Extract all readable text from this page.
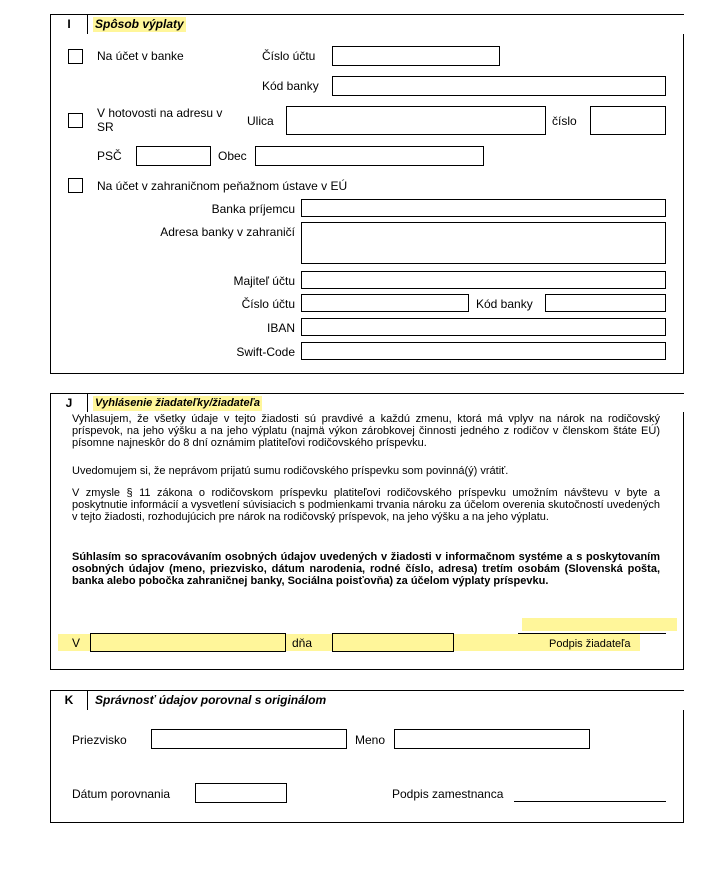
I	Spôsob výplaty
Na účet v banke	Číslo účtu
Kód banky
V hotovosti na adresu v
SR	Ulica	číslo
PSČ	Obec
Na účet v zahraničnom peňažnom ústave v EÚ
Banka príjemcu
Adresa banky v zahraničí
Majiteľ účtu
Číslo účtu	Kód banky
IBAN
Swift-Code
J	Vyhlásenie žiadateľky/žiadateľa
Vyhlasujem, že všetky údaje v tejto žiadosti sú pravdivé a každú zmenu, ktorá má vplyv na nárok na rodičovský príspevok, na jeho výšku a na jeho výplatu (najmä výkon zárobkovej činnosti jedného z rodičov v členskom štáte EÚ) písomne najneskôr do 8 dní oznámim platiteľovi rodičovského príspevku.
Uvedomujem si, že neprávom prijatú sumu rodičovského príspevku som povinná(ý) vrátiť.
V zmysle § 11 zákona o rodičovskom príspevku platiteľovi rodičovského príspevku umožním návštevu v byte a poskytnutie informácií a vysvetlení súvisiacich s podmienkami trvania nároku za účelom overenia skutočností uvedených v tejto žiadosti, rozhodujúcich pre nárok na rodičovský príspevok, na jeho výšku a na jeho výplatu.
Súhlasím so spracovávaním osobných údajov uvedených v žiadosti v informačnom systéme a s poskytovaním osobných údajov (meno, priezvisko, dátum narodenia, rodné číslo, adresa) tretím osobám (Slovenská pošta, banka alebo pobočka zahraničnej banky, Sociálna poisťovňa) za účelom výplaty príspevku.
V	dňa	Podpis žiadateľa
K	Správnosť údajov porovnal s originálom
Priezvisko	Meno
Dátum porovnania	Podpis zamestnanca
